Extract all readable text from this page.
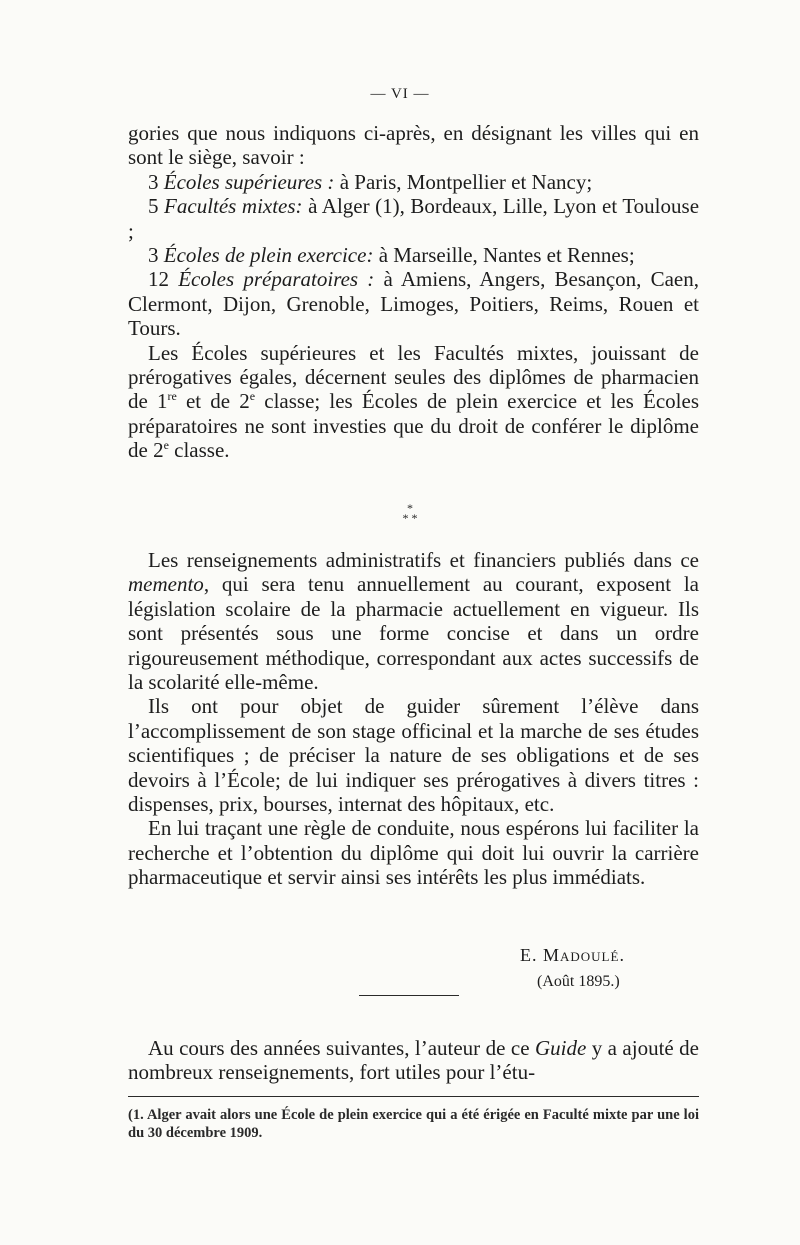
— VI —

gories que nous indiquons ci-après, en désignant les villes qui en sont le siège, savoir :

3 Écoles supérieures : à Paris, Montpellier et Nancy;

5 Facultés mixtes: à Alger (1), Bordeaux, Lille, Lyon et Toulouse ;

3 Écoles de plein exercice: à Marseille, Nantes et Rennes;

12 Écoles préparatoires : à Amiens, Angers, Besançon, Caen, Clermont, Dijon, Grenoble, Limoges, Poitiers, Reims, Rouen et Tours.

Les Écoles supérieures et les Facultés mixtes, jouissant de prérogatives égales, décernent seules des diplômes de pharmacien de 1re et de 2e classe; les Écoles de plein exercice et les Écoles préparatoires ne sont investies que du droit de conférer le diplôme de 2e classe.

*
* *

Les renseignements administratifs et financiers publiés dans ce memento, qui sera tenu annuellement au courant, exposent la législation scolaire de la pharmacie actuellement en vigueur. Ils sont présentés sous une forme concise et dans un ordre rigoureusement méthodique, correspondant aux actes successifs de la scolarité elle-même.

Ils ont pour objet de guider sûrement l’élève dans l’accomplissement de son stage officinal et la marche de ses études scientifiques ; de préciser la nature de ses obligations et de ses devoirs à l’École; de lui indiquer ses prérogatives à divers titres : dispenses, prix, bourses, internat des hôpitaux, etc.

En lui traçant une règle de conduite, nous espérons lui faciliter la recherche et l’obtention du diplôme qui doit lui ouvrir la carrière pharmaceutique et servir ainsi ses intérêts les plus immédiats.

E. Madoulé.
(Août 1895.)

Au cours des années suivantes, l’auteur de ce Guide y a ajouté de nombreux renseignements, fort utiles pour l’étu-

(1. Alger avait alors une École de plein exercice qui a été érigée en Faculté mixte par une loi du 30 décembre 1909.
